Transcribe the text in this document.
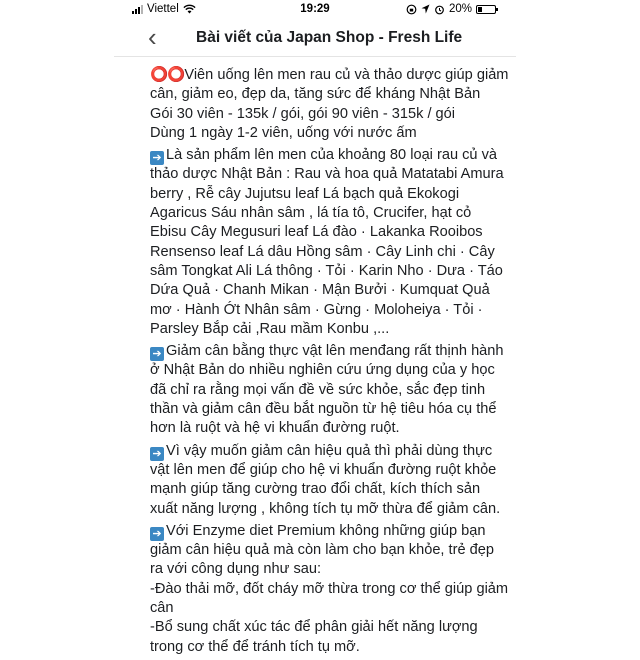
Viettel	19:29	20%
‹	Bài viết của Japan Shop - Fresh Life

⭕⭕Viên uống lên men rau củ và thảo dược giúp giảm cân, giảm eo, đẹp da, tăng sức để kháng Nhật Bản

Gói 30 viên - 135k / gói, gói 90 viên - 315k / gói

Dùng 1 ngày 1-2 viên, uống với nước ấm

➔ Là sản phẩm lên men của khoảng 80 loại rau củ và thảo dược Nhật Bản : Rau và hoa quả Matatabi Amura berry , Rễ cây Jujutsu leaf Lá bạch quả Ekokogi Agaricus Sáu nhân sâm , lá tía tô, Crucifer, hạt cỏ Ebisu Cây Megusuri leaf Lá đào · Lakanka Rooibos Rensenso leaf Lá dâu Hồng sâm · Cây Linh chi · Cây sâm Tongkat Ali Lá thông · Tỏi · Karin Nho · Dưa · Táo Dứa Quả · Chanh Mikan · Mận Bưởi · Kumquat Quả mơ · Hành Ớt Nhân sâm · Gừng · Moloheiya · Tỏi · Parsley Bắp cải ,Rau mầm Konbu ,...
➔ Giảm cân bằng thực vật lên menđang rất thịnh hành ở Nhật Bản do nhiều nghiên cứu ứng dụng của y học đã chỉ ra rằng mọi vấn đề về sức khỏe, sắc đẹp tinh thần và giảm cân đều bắt nguồn từ hệ tiêu hóa cụ thể hơn là ruột và hệ vi khuẩn đường ruột.
➔ Vì vậy muốn giảm cân hiệu quả thì phải dùng thực vật lên men để giúp cho hệ vi khuẩn đường ruột khỏe mạnh giúp tăng cường trao đổi chất, kích thích sản xuất năng lượng , không tích tụ mỡ thừa để giảm cân.
➔ Với Enzyme diet Premium không những giúp bạn giảm cân hiệu quả mà còn làm cho bạn khỏe, trẻ đẹp ra với công dụng như sau:

-Đào thải mỡ, đốt cháy mỡ thừa trong cơ thể giúp giảm cân

-Bổ sung chất xúc tác để phân giải hết năng lượng trong cơ thể để tránh tích tụ mỡ.
